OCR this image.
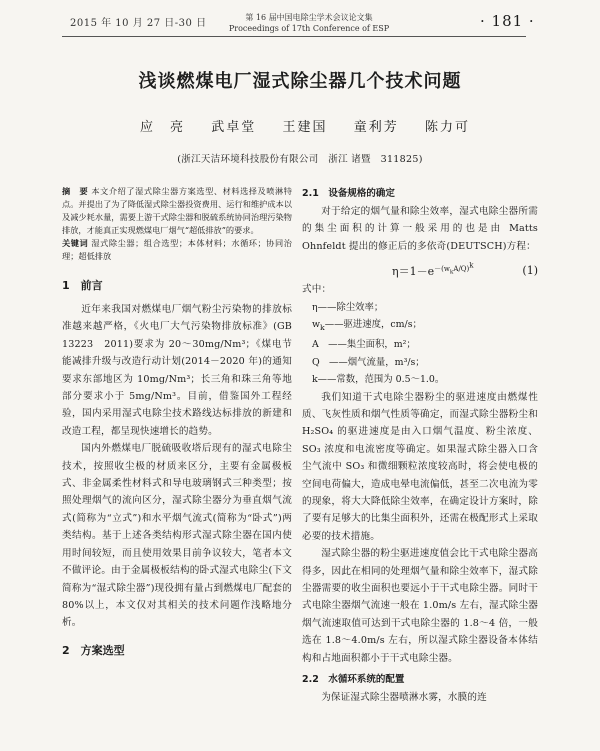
2015 年 10 月 27 日-30 日
第 16 届中国电除尘学术会议论文集
Proceedings of 17th Conference of ESP	· 181 ·
浅谈燃煤电厂湿式除尘器几个技术问题
应　亮 武卓堂 王建国 童利芳 陈力可
(浙江天洁环境科技股份有限公司　浙江 诸暨　311825)

摘　要 本文介绍了湿式除尘器方案选型、材料选择及喷淋特点。并提出了为了降低湿式除尘器投资费用、运行和维护成本以及减少耗水量，需要上游干式除尘器和脱硫系统协同治理污染物排放，才能真正实现燃煤电厂烟气“超低排放”的要求。

关键词 湿式除尘器；组合选型；本体材料；水循环；协同治理；超低排放

1　前言

近年来我国对燃煤电厂烟气粉尘污染物的排放标准越来越严格，《火电厂大气污染物排放标准》(GB 13223　2011)要求为 20～30mg/Nm³；《煤电节能减排升级与改造行动计划(2014－2020 年)的通知要求东部地区为 10mg/Nm³；长三角和珠三角等地部分要求小于 5mg/Nm³。目前，借鉴国外工程经验，国内采用湿式电除尘技术路线达标排放的新建和改造工程，都呈现快速增长的趋势。

国内外燃煤电厂脱硫吸收塔后现有的湿式电除尘技术，按照收尘极的材质来区分，主要有金属极板式、非金属柔性材料式和导电玻璃钢式三种类型；按照处理烟气的流向区分，湿式除尘器分为垂直烟气流式(简称为“立式”)和水平烟气流式(简称为“卧式”)两类结构。基于上述各类结构形式湿式除尘器在国内使用时间较短，而且使用效果目前争议较大，笔者本文不做评论。由于金属极板结构的卧式湿式电除尘(下文简称为“湿式除尘器”)现役拥有量占到燃煤电厂配套的 80%以上，本文仅对其相关的技术问题作浅略地分析。

2　方案选型
2.1　设备规格的确定

对于给定的烟气量和除尘效率，湿式电除尘器所需的集尘面积的计算一般采用的也是由 Matts　Ohnfeldt 提出的修正后的多依奇(DEUTSCH)方程：

$\eta=1-e^{-(w_kA/Q)^k}$	(1)

式中：

η——除尘效率；
$w_k——$驱进速度，cm/s；
A　——集尘面积，m²；
Q　——烟气流量，m³/s；
k——常数，范围为 0.5～1.0。

我们知道干式电除尘器粉尘的驱进速度由燃煤性质、飞灰性质和烟气性质等确定，而湿式除尘器粉尘和 H₂SO₄ 的驱进速度是由入口烟气温度、粉尘浓度、SO₃ 浓度和电流密度等确定。如果湿式除尘器入口含尘气流中 SO₃ 和微细颗粒浓度较高时，将会使电极的空间电荷偏大，造成电晕电流偏低，甚至二次电流为零的现象，将大大降低除尘效率，在确定设计方案时，除了要有足够大的比集尘面积外，还需在极配形式上采取必要的技术措施。

湿式除尘器的粉尘驱进速度值会比干式电除尘器高得多，因此在相同的处理烟气量和除尘效率下，湿式除尘器需要的收尘面积也要远小于干式电除尘器。同时干式电除尘器烟气流速一般在 1.0m/s 左右，湿式除尘器烟气流速取值可达到干式电除尘器的 1.8～4 倍，一般选在 1.8～4.0m/s 左右，所以湿式除尘器设备本体结构和占地面积都小于干式电除尘器。

2.2　水循环系统的配置

为保证湿式除尘器喷淋水雾，水膜的连
